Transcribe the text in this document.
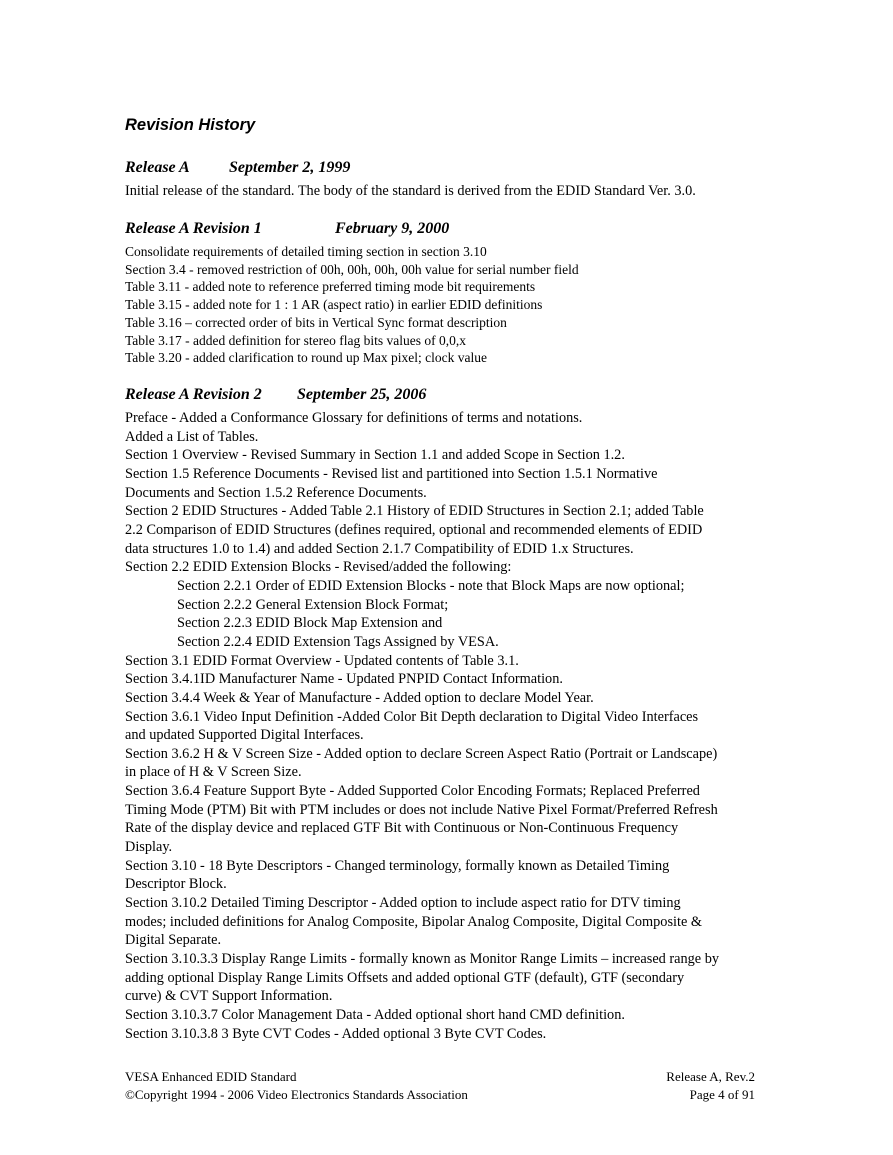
Revision History
Release A September 2, 1999
Initial release of the standard. The body of the standard is derived from the EDID Standard Ver. 3.0.
Release A Revision 1	February 9, 2000
Consolidate requirements of detailed timing section in section 3.10
Section 3.4 - removed restriction of 00h, 00h, 00h, 00h value for serial number field
Table 3.11 - added note to reference preferred timing mode bit requirements
Table 3.15 - added note for 1 : 1 AR (aspect ratio) in earlier EDID definitions
Table 3.16 – corrected order of bits in Vertical Sync format description
Table 3.17 - added definition for stereo flag bits values of 0,0,x
Table 3.20 - added clarification to round up Max pixel; clock value
Release A Revision 2 September 25, 2006
Preface - Added a Conformance Glossary for definitions of terms and notations.
Added a List of Tables.
Section 1 Overview - Revised Summary in Section 1.1 and added Scope in Section 1.2.
Section 1.5 Reference Documents - Revised list and partitioned into Section 1.5.1 Normative
Documents and Section 1.5.2 Reference Documents.
Section 2 EDID Structures - Added Table 2.1 History of EDID Structures in Section 2.1; added Table
2.2 Comparison of EDID Structures (defines required, optional and recommended elements of EDID
data structures 1.0 to 1.4) and added Section 2.1.7 Compatibility of EDID 1.x Structures.
Section 2.2 EDID Extension Blocks - Revised/added the following:
Section 2.2.1 Order of EDID Extension Blocks - note that Block Maps are now optional;
Section 2.2.2 General Extension Block Format;
Section 2.2.3 EDID Block Map Extension and
Section 2.2.4 EDID Extension Tags Assigned by VESA.
Section 3.1 EDID Format Overview - Updated contents of Table 3.1.
Section 3.4.1ID Manufacturer Name - Updated PNPID Contact Information.
Section 3.4.4 Week & Year of Manufacture - Added option to declare Model Year.
Section 3.6.1 Video Input Definition -Added Color Bit Depth declaration to Digital Video Interfaces
and updated Supported Digital Interfaces.
Section 3.6.2 H & V Screen Size - Added option to declare Screen Aspect Ratio (Portrait or Landscape)
in place of H & V Screen Size.
Section 3.6.4 Feature Support Byte - Added Supported Color Encoding Formats; Replaced Preferred
Timing Mode (PTM) Bit with PTM includes or does not include Native Pixel Format/Preferred Refresh
Rate of the display device and replaced GTF Bit with Continuous or Non-Continuous Frequency
Display.
Section 3.10 - 18 Byte Descriptors - Changed terminology, formally known as Detailed Timing
Descriptor Block.
Section 3.10.2 Detailed Timing Descriptor - Added option to include aspect ratio for DTV timing
modes; included definitions for Analog Composite, Bipolar Analog Composite, Digital Composite &
Digital Separate.
Section 3.10.3.3 Display Range Limits - formally known as Monitor Range Limits – increased range by
adding optional Display Range Limits Offsets and added optional GTF (default), GTF (secondary
curve) & CVT Support Information.
Section 3.10.3.7 Color Management Data - Added optional short hand CMD definition.
Section 3.10.3.8 3 Byte CVT Codes - Added optional 3 Byte CVT Codes.
VESA Enhanced EDID Standard	Release A, Rev.2
©Copyright 1994 - 2006 Video Electronics Standards Association	Page 4 of 91
